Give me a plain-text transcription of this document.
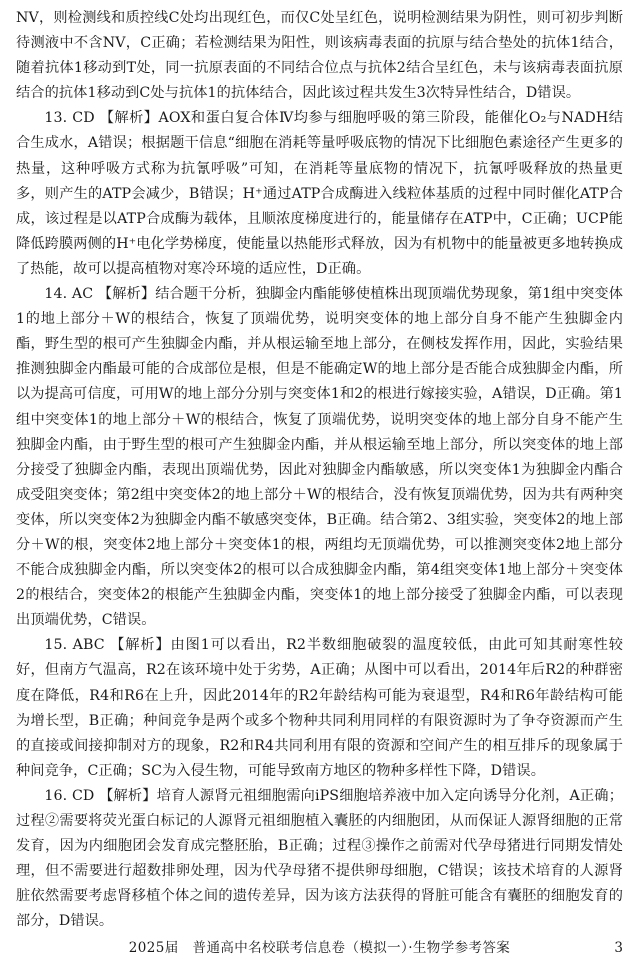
NV，则检测线和质控线C处均出现红色，而仅C处呈红色，说明检测结果为阴性，则可初步判断待测液中不含NV，C正确；若检测结果为阳性，则该病毒表面的抗原与结合垫处的抗体1结合，随着抗体1移动到T处，同一抗原表面的不同结合位点与抗体2结合呈红色，未与该病毒表面抗原结合的抗体1移动到C处与抗体1的抗体结合，因此该过程共发生3次特异性结合，D错误。

13. CD 【解析】AOX和蛋白复合体Ⅳ均参与细胞呼吸的第三阶段，能催化O₂与NADH结合生成水，A错误；根据题干信息“细胞在消耗等量呼吸底物的情况下比细胞色素途径产生更多的热量，这种呼吸方式称为抗氰呼吸”可知，在消耗等量底物的情况下，抗氰呼吸释放的热量更多，则产生的ATP会减少，B错误；H⁺通过ATP合成酶进入线粒体基质的过程中同时催化ATP合成，该过程是以ATP合成酶为载体，且顺浓度梯度进行的，能量储存在ATP中，C正确；UCP能降低跨膜两侧的H⁺电化学势梯度，使能量以热能形式释放，因为有机物中的能量被更多地转换成了热能，故可以提高植物对寒冷环境的适应性，D正确。

14. AC 【解析】结合题干分析，独脚金内酯能够使植株出现顶端优势现象，第1组中突变体1的地上部分＋W的根结合，恢复了顶端优势，说明突变体的地上部分自身不能产生独脚金内酯，野生型的根可产生独脚金内酯，并从根运输至地上部分，在侧枝发挥作用，因此，实验结果推测独脚金内酯最可能的合成部位是根，但是不能确定W的地上部分是否能合成独脚金内酯，所以为提高可信度，可用W的地上部分分别与突变体1和2的根进行嫁接实验，A错误，D正确。第1组中突变体1的地上部分＋W的根结合，恢复了顶端优势，说明突变体的地上部分自身不能产生独脚金内酯，由于野生型的根可产生独脚金内酯，并从根运输至地上部分，所以突变体的地上部分接受了独脚金内酯，表现出顶端优势，因此对独脚金内酯敏感，所以突变体1为独脚金内酯合成受阻突变体；第2组中突变体2的地上部分＋W的根结合，没有恢复顶端优势，因为共有两种突变体，所以突变体2为独脚金内酯不敏感突变体，B正确。结合第2、3组实验，突变体2的地上部分＋W的根，突变体2地上部分＋突变体1的根，两组均无顶端优势，可以推测突变体2地上部分不能合成独脚金内酯，所以突变体2的根可以合成独脚金内酯，第4组突变体1地上部分＋突变体2的根结合，突变体2的根能产生独脚金内酯，突变体1的地上部分接受了独脚金内酯，可以表现出顶端优势，C错误。

15. ABC 【解析】由图1可以看出，R2半数细胞破裂的温度较低，由此可知其耐寒性较好，但南方气温高，R2在该环境中处于劣势，A正确；从图中可以看出，2014年后R2的种群密度在降低，R4和R6在上升，因此2014年的R2年龄结构可能为衰退型，R4和R6年龄结构可能为增长型，B正确；种间竞争是两个或多个物种共同利用同样的有限资源时为了争夺资源而产生的直接或间接抑制对方的现象，R2和R4共同利用有限的资源和空间产生的相互排斥的现象属于种间竞争，C正确；SC为入侵生物，可能导致南方地区的物种多样性下降，D错误。

16. CD 【解析】培育人源肾元祖细胞需向iPS细胞培养液中加入定向诱导分化剂，A正确；过程②需要将荧光蛋白标记的人源肾元祖细胞植入囊胚的内细胞团，从而保证人源肾细胞的正常发育，因为内细胞团会发育成完整胚胎，B正确；过程③操作之前需对代孕母猪进行同期发情处理，但不需要进行超数排卵处理，因为代孕母猪不提供卵母细胞，C错误；该技术培育的人源肾脏依然需要考虑肾移植个体之间的遗传差异，因为该方法获得的肾脏可能含有囊胚的细胞发育的部分，D错误。

2025届　普通高中名校联考信息卷（模拟一）·生物学参考答案	3
